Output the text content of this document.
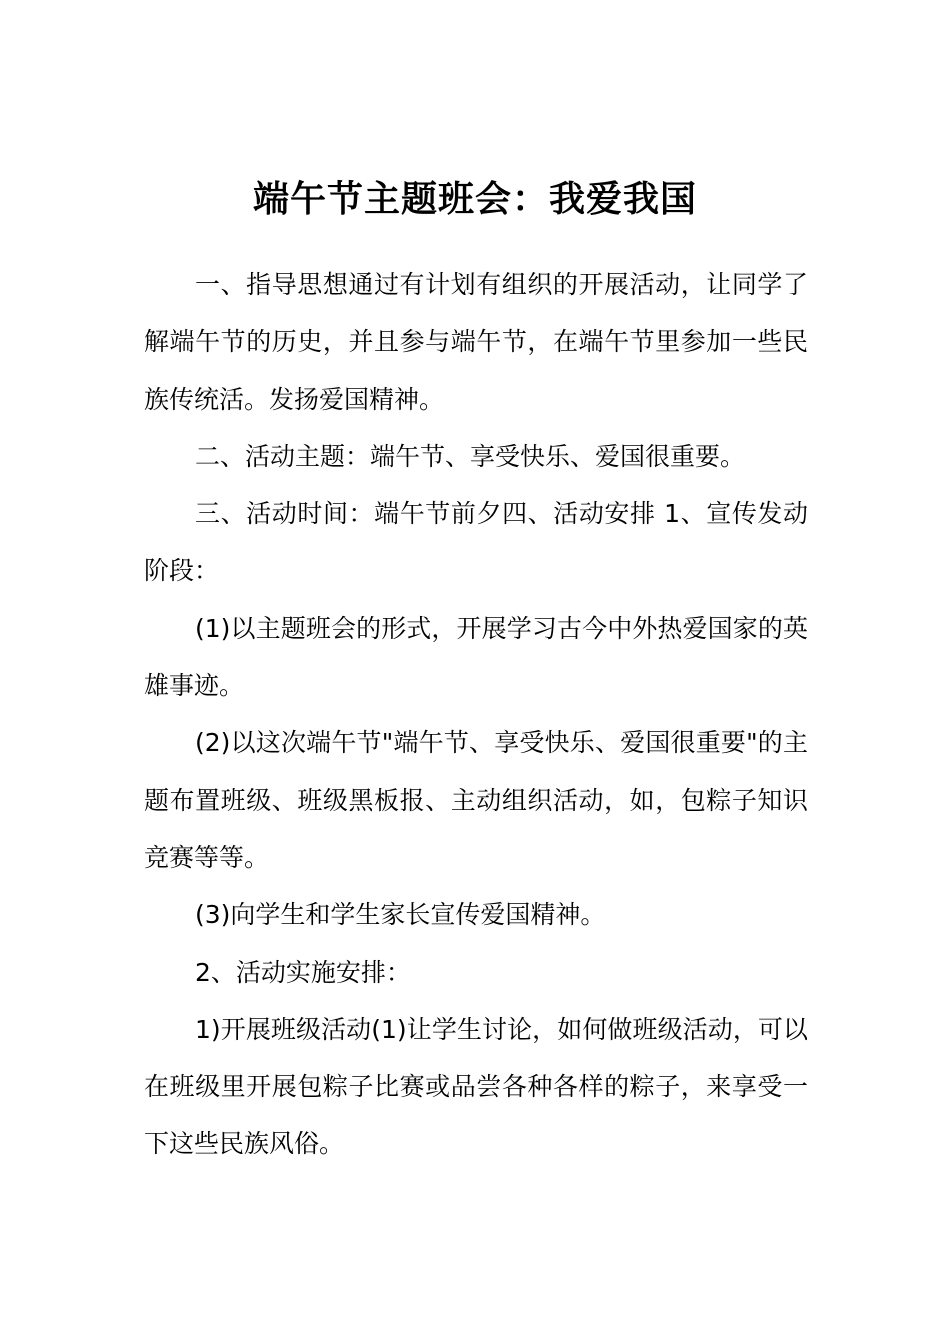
端午节主题班会：我爱我国

一、指导思想通过有计划有组织的开展活动，让同学了解端午节的历史，并且参与端午节，在端午节里参加一些民族传统活。发扬爱国精神。

二、活动主题：端午节、享受快乐、爱国很重要。

三、活动时间：端午节前夕四、活动安排 1、宣传发动阶段：

(1)以主题班会的形式，开展学习古今中外热爱国家的英雄事迹。

(2)以这次端午节"端午节、享受快乐、爱国很重要"的主题布置班级、班级黑板报、主动组织活动，如，包粽子知识竞赛等等。

(3)向学生和学生家长宣传爱国精神。

2、活动实施安排：

1)开展班级活动(1)让学生讨论，如何做班级活动，可以在班级里开展包粽子比赛或品尝各种各样的粽子，来享受一下这些民族风俗。
